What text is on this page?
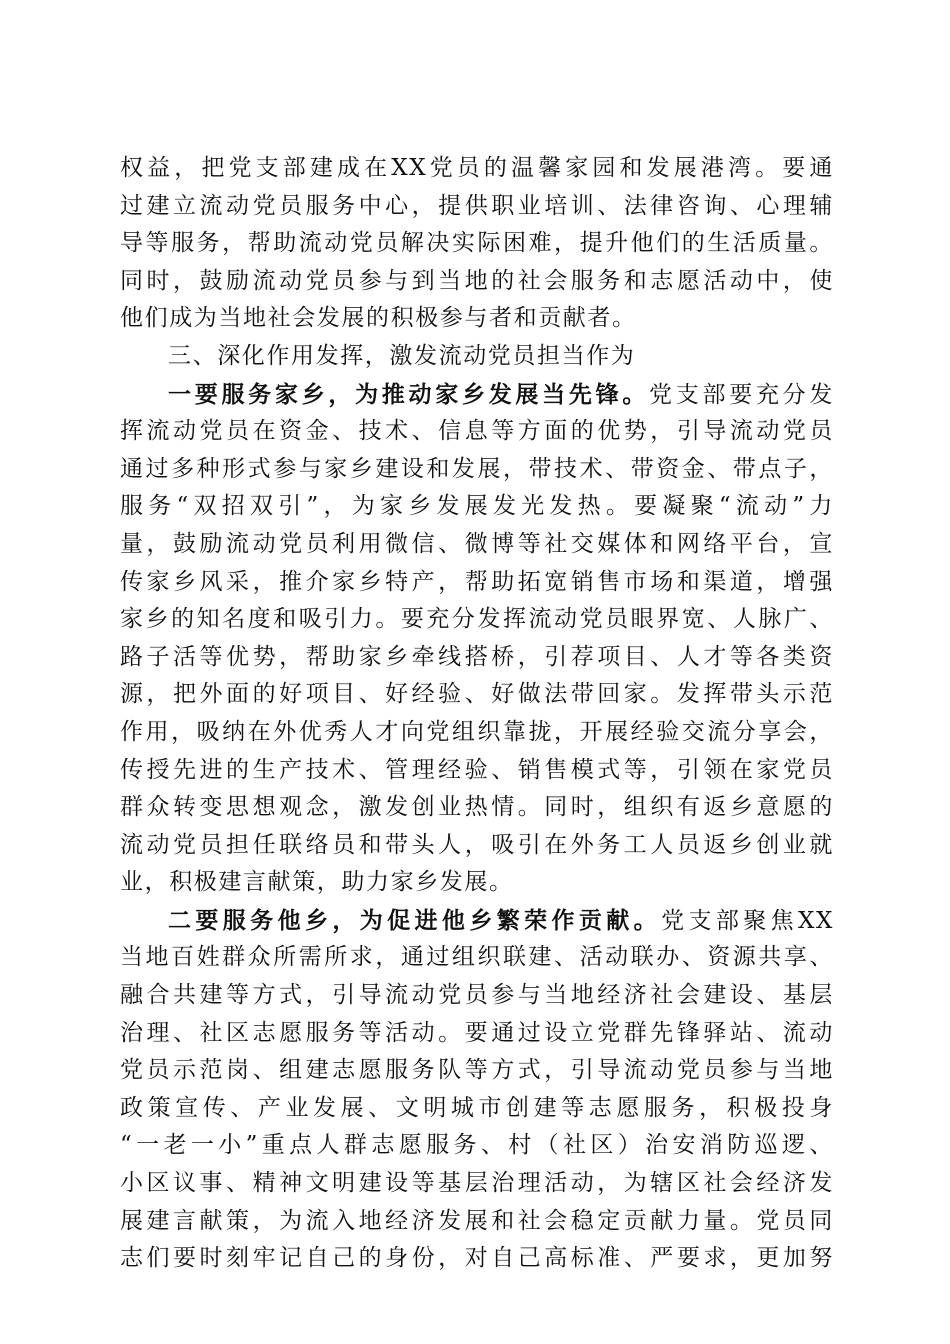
权益，把党支部建成在XX党员的温馨家园和发展港湾。要通
过建立流动党员服务中心，提供职业培训、法律咨询、心理辅
导等服务，帮助流动党员解决实际困难，提升他们的生活质量。
同时，鼓励流动党员参与到当地的社会服务和志愿活动中，使
他们成为当地社会发展的积极参与者和贡献者。
三、深化作用发挥，激发流动党员担当作为
一要服务家乡，为推动家乡发展当先锋。党支部要充分发
挥流动党员在资金、技术、信息等方面的优势，引导流动党员
通过多种形式参与家乡建设和发展，带技术、带资金、带点子，
服务“双招双引”，为家乡发展发光发热。要凝聚“流动”力
量，鼓励流动党员利用微信、微博等社交媒体和网络平台，宣
传家乡风采，推介家乡特产，帮助拓宽销售市场和渠道，增强
家乡的知名度和吸引力。要充分发挥流动党员眼界宽、人脉广、
路子活等优势，帮助家乡牵线搭桥，引荐项目、人才等各类资
源，把外面的好项目、好经验、好做法带回家。发挥带头示范
作用，吸纳在外优秀人才向党组织靠拢，开展经验交流分享会，
传授先进的生产技术、管理经验、销售模式等，引领在家党员
群众转变思想观念，激发创业热情。同时，组织有返乡意愿的
流动党员担任联络员和带头人，吸引在外务工人员返乡创业就
业，积极建言献策，助力家乡发展。
二要服务他乡，为促进他乡繁荣作贡献。党支部聚焦XX
当地百姓群众所需所求，通过组织联建、活动联办、资源共享、
融合共建等方式，引导流动党员参与当地经济社会建设、基层
治理、社区志愿服务等活动。要通过设立党群先锋驿站、流动
党员示范岗、组建志愿服务队等方式，引导流动党员参与当地
政策宣传、产业发展、文明城市创建等志愿服务，积极投身
“一老一小”重点人群志愿服务、村（社区）治安消防巡逻、
小区议事、精神文明建设等基层治理活动，为辖区社会经济发
展建言献策，为流入地经济发展和社会稳定贡献力量。党员同
志们要时刻牢记自己的身份，对自己高标准、严要求，更加努
